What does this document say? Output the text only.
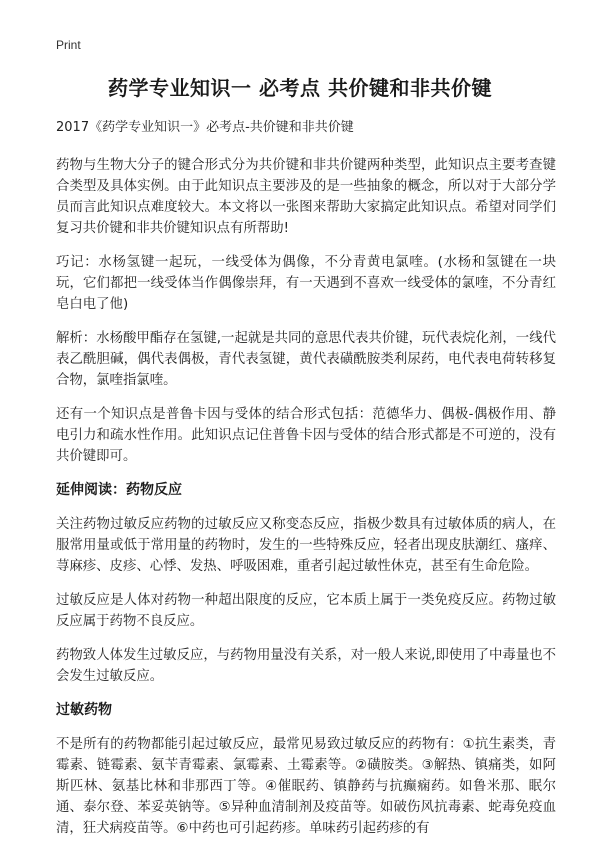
Print
药学专业知识一 必考点 共价键和非共价键
2017《药学专业知识一》必考点-共价键和非共价键

药物与生物大分子的键合形式分为共价键和非共价键两种类型，此知识点主要考查键合类型及具体实例。由于此知识点主要涉及的是一些抽象的概念，所以对于大部分学员而言此知识点难度较大。本文将以一张图来帮助大家搞定此知识点。希望对同学们复习共价键和非共价键知识点有所帮助!

巧记：水杨氢键一起玩，一线受体为偶像，不分青黄电氯喹。(水杨和氢键在一块玩，它们都把一线受体当作偶像崇拜，有一天遇到不喜欢一线受体的氯喹，不分青红皂白电了他)

解析：水杨酸甲酯存在氢键,一起就是共同的意思代表共价键，玩代表烷化剂，一线代表乙酰胆碱，偶代表偶极，青代表氢键，黄代表磺酰胺类利尿药，电代表电荷转移复合物，氯喹指氯喹。

还有一个知识点是普鲁卡因与受体的结合形式包括：范德华力、偶极-偶极作用、静电引力和疏水性作用。此知识点记住普鲁卡因与受体的结合形式都是不可逆的，没有共价键即可。

延伸阅读：药物反应

关注药物过敏反应药物的过敏反应又称变态反应，指极少数具有过敏体质的病人，在服常用量或低于常用量的药物时，发生的一些特殊反应，轻者出现皮肤潮红、瘙痒、荨麻疹、皮疹、心悸、发热、呼吸困难，重者引起过敏性休克，甚至有生命危险。

过敏反应是人体对药物一种超出限度的反应，它本质上属于一类免疫反应。药物过敏反应属于药物不良反应。

药物致人体发生过敏反应，与药物用量没有关系，对一般人来说,即使用了中毒量也不会发生过敏反应。

过敏药物

不是所有的药物都能引起过敏反应，最常见易致过敏反应的药物有：①抗生素类，青霉素、链霉素、氨苄青霉素、氯霉素、土霉素等。②磺胺类。③解热、镇痛类，如阿斯匹林、氨基比林和非那西丁等。④催眠药、镇静药与抗癫痫药。如鲁米那、眠尔通、泰尔登、苯妥英钠等。⑤异种血清制剂及疫苗等。如破伤风抗毒素、蛇毒免疫血清，狂犬病疫苗等。⑥中药也可引起药疹。单味药引起药疹的有
